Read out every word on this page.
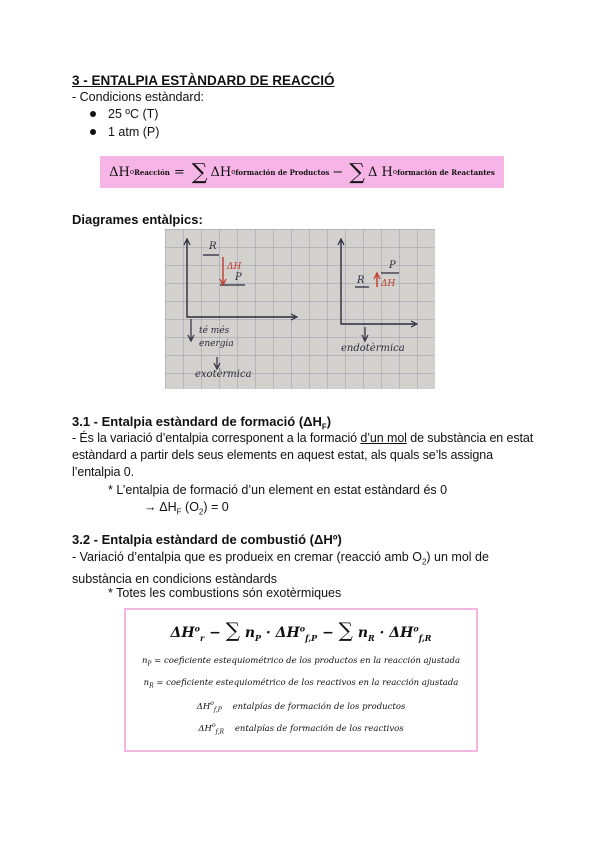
3 - ENTALPIA ESTÀNDARD DE REACCIÓ
- Condicions estàndard:
25 ºC (T)
1 atm (P)
ΔH o Reacción = ∑ ΔH o formación de Productos − ∑ Δ H o formación de Reactantes
Diagrames entàlpics:
R
ΔH
P
té més
energia
exotèrmica
R ΔH
P
endotèrmica
3.1 - Entalpia estàndard de formació $(\Delta H_F)$
- És la variació d’entalpia corresponent a la formació d’un mol de substància en estat estàndard a partir dels seus elements en aquest estat, als quals se’ls assigna l’entalpia 0.
* L’entalpia de formació d’un element en estat estàndard és 0
→ $\Delta H_F$ $(O_2) = 0$
3.2 - Entalpia estàndard de combustió (ΔHº)
- Variació d’entalpia que es produeix en cremar (reacció amb $O_2$) un mol de substància en condicions estàndards
* Totes les combustions són exotèrmiques
$\Delta H^o_r$ − ∑ $n_P \cdot \Delta H^o_{f,P}$ − ∑ $n_R \cdot \Delta H^o_{f,R}$
$n_P$ = coeficiente estequiométrico de los productos en la reacción ajustada
$n_R$ = coeficiente estequiométrico de los reactivos en la reacción ajustada
$\Delta H^o_{f,P}$ entalpías de formación de los productos
$\Delta H^o_{f,R}$ entalpías de formación de los reactivos
